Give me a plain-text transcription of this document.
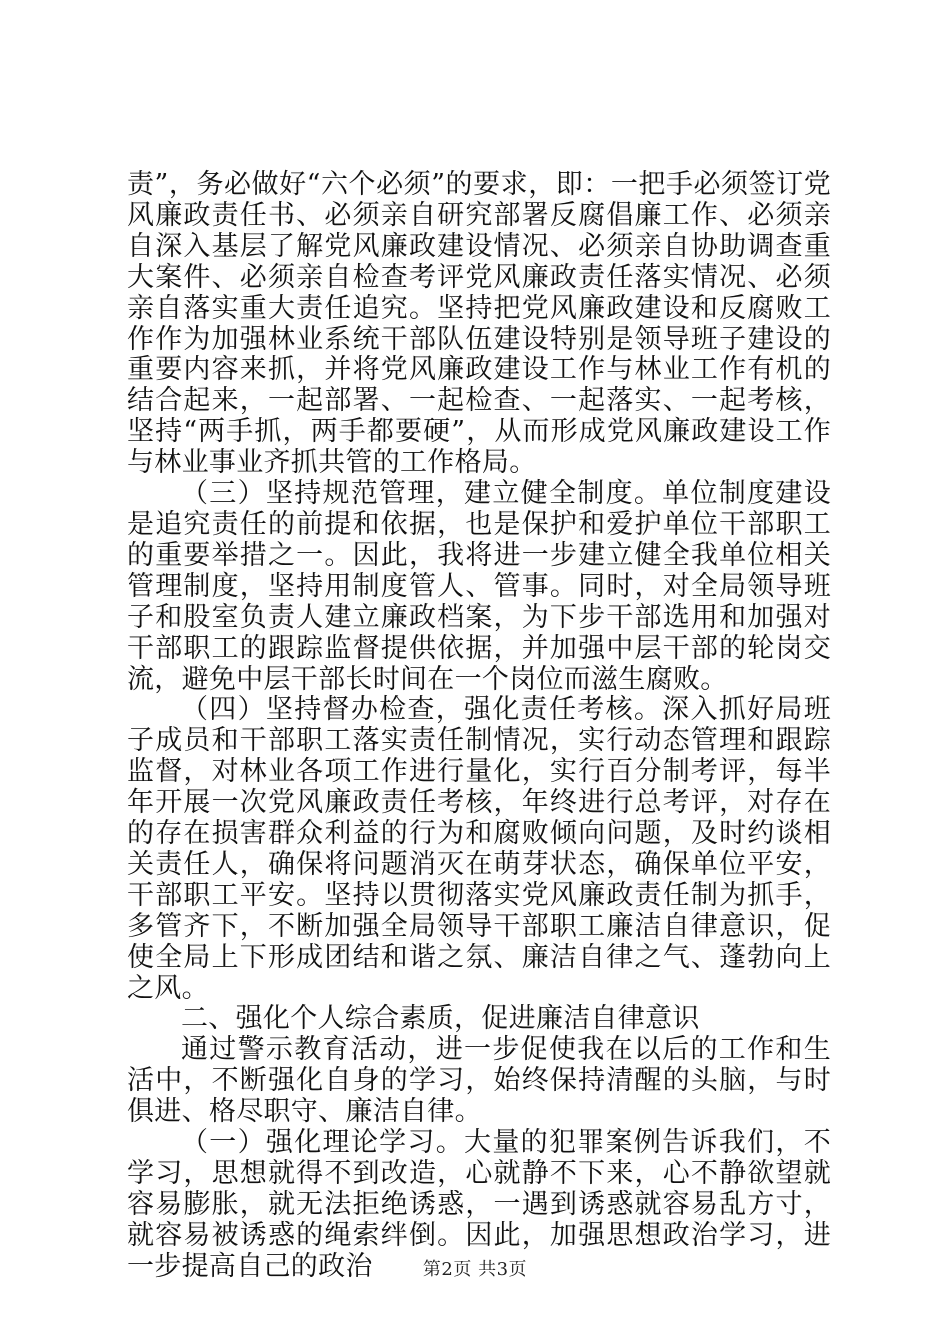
责”，务必做好“六个必须”的要求，即：一把手必须签订党风廉政责任书、必须亲自研究部署反腐倡廉工作、必须亲自深入基层了解党风廉政建设情况、必须亲自协助调查重大案件、必须亲自检查考评党风廉政责任落实情况、必须亲自落实重大责任追究。坚持把党风廉政建设和反腐败工作作为加强林业系统干部队伍建设特别是领导班子建设的重要内容来抓，并将党风廉政建设工作与林业工作有机的结合起来，一起部署、一起检查、一起落实、一起考核，坚持“两手抓，两手都要硬”，从而形成党风廉政建设工作与林业事业齐抓共管的工作格局。

（三）坚持规范管理，建立健全制度。单位制度建设是追究责任的前提和依据，也是保护和爱护单位干部职工的重要举措之一。因此，我将进一步建立健全我单位相关管理制度，坚持用制度管人、管事。同时，对全局领导班子和股室负责人建立廉政档案，为下步干部选用和加强对干部职工的跟踪监督提供依据，并加强中层干部的轮岗交流，避免中层干部长时间在一个岗位而滋生腐败。

（四）坚持督办检查，强化责任考核。深入抓好局班子成员和干部职工落实责任制情况，实行动态管理和跟踪监督，对林业各项工作进行量化，实行百分制考评，每半年开展一次党风廉政责任考核，年终进行总考评，对存在的存在损害群众利益的行为和腐败倾向问题，及时约谈相关责任人，确保将问题消灭在萌芽状态，确保单位平安，干部职工平安。坚持以贯彻落实党风廉政责任制为抓手，多管齐下，不断加强全局领导干部职工廉洁自律意识，促使全局上下形成团结和谐之氛、廉洁自律之气、蓬勃向上之风。

二、强化个人综合素质，促进廉洁自律意识

通过警示教育活动，进一步促使我在以后的工作和生活中，不断强化自身的学习，始终保持清醒的头脑，与时俱进、格尽职守、廉洁自律。

（一）强化理论学习。大量的犯罪案例告诉我们，不学习，思想就得不到改造，心就静不下来，心不静欲望就容易膨胀，就无法拒绝诱惑，一遇到诱惑就容易乱方寸，就容易被诱惑的绳索绊倒。因此，加强思想政治学习，进一步提高自己的政治	第2页 共3页
